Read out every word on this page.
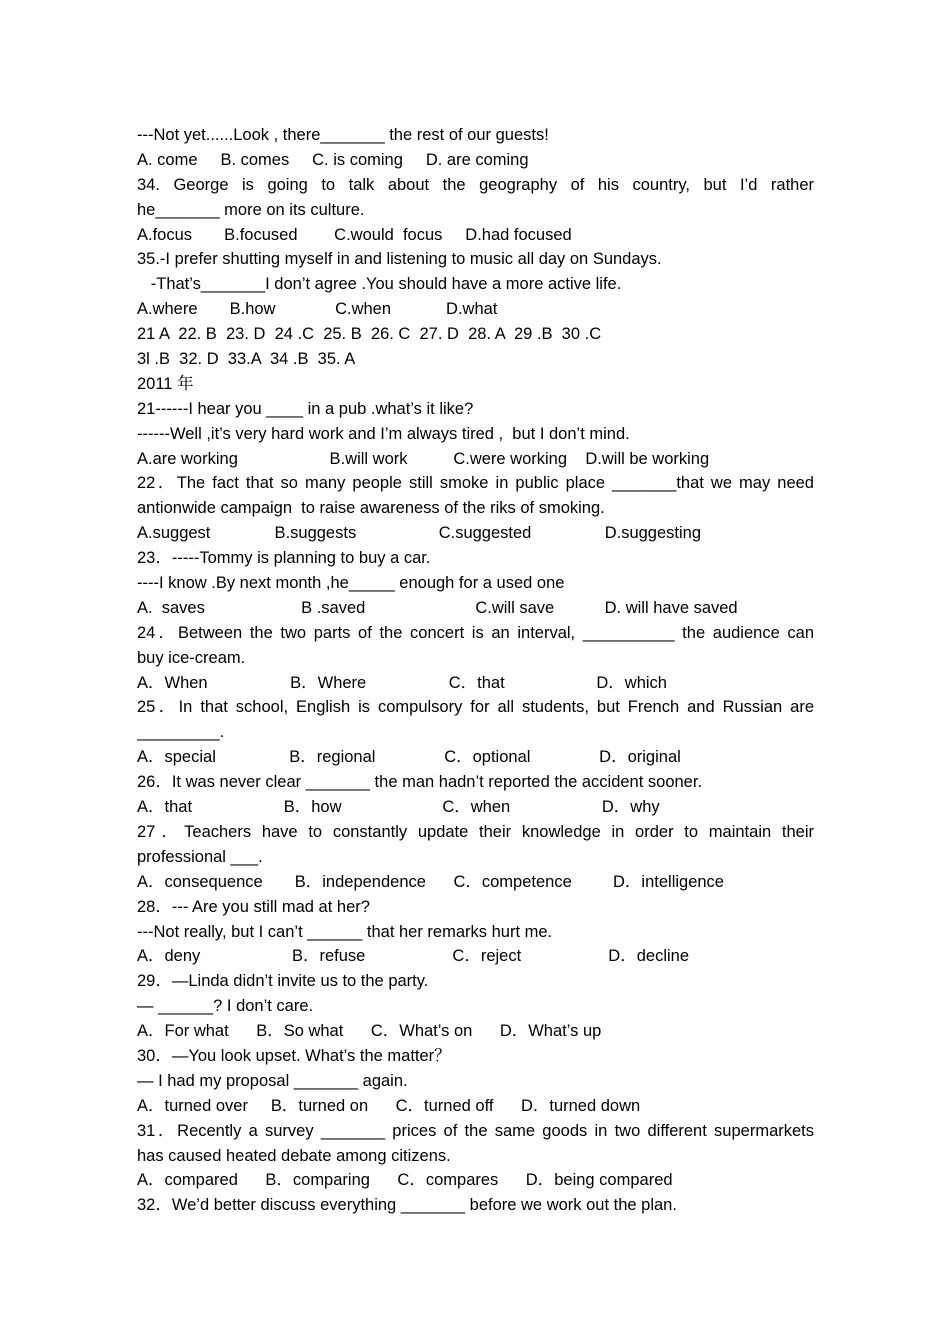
---Not yet......Look , there_______ the rest of our guests!
A. come     B. comes     C. is coming     D. are coming
34. George is going to talk about the geography of his country, but I’d rather
he_______ more on its culture.
A.focus       B.focused        C.would  focus     D.had focused
35.-I prefer shutting myself in and listening to music all day on Sundays.
-That’s_______I don’t agree .You should have a more active life.
A.where       B.how             C.when            D.what
21 A  22. B  23. D  24 .C  25. B  26. C  27. D  28. A  29 .B  30 .C
3l .B  32. D  33.A  34 .B  35. A
2011 年
21------I hear you ____ in a pub .what’s it like?
------Well ,it’s very hard work and I’m always tired ,  but I don’t mind.
A.are working                    B.will work          C.were working    D.will be working
22．The fact that so many people still smoke in public place _______that we may need
antionwide campaign  to raise awareness of the riks of smoking.
A.suggest              B.suggests                  C.suggested                D.suggesting
23．-----Tommy is planning to buy a car.
----I know .By next month ,he_____ enough for a used one
A.  saves                     B .saved                        C.will save           D. will have saved
24．Between the two parts of the concert is an interval, __________ the audience can
buy ice-cream.
A．When                  B．Where                  C．that                    D．which
25．In that school, English is compulsory for all students, but French and Russian are
_________.
A．special                B．regional               C．optional               D．original
26．It was never clear _______ the man hadn’t reported the accident sooner.
A．that                    B．how                      C．when                    D．why
27．Teachers have to constantly update their knowledge in order to maintain their
professional ___.
A．consequence       B．independence      C．competence         D．intelligence
28．--- Are you still mad at her?
---Not really, but I can’t ______ that her remarks hurt me.
A．deny                    B．refuse                   C．reject                   D．decline
29．—Linda didn’t invite us to the party.
— ______? I don’t care.
A．For what      B．So what      C．What’s on      D．What’s up
30．—You look upset. What’s the matter？
— I had my proposal _______ again.
A．turned over     B．turned on      C．turned off      D．turned down
31．Recently a survey _______ prices of the same goods in two different supermarkets
has caused heated debate among citizens.
A．compared      B．comparing      C．compares      D．being compared
32．We’d better discuss everything _______ before we work out the plan.
